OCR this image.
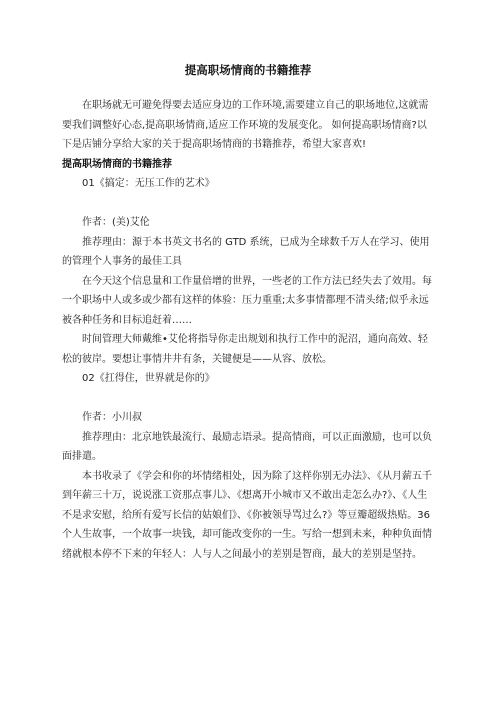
提高职场情商的书籍推荐

在职场就无可避免得要去适应身边的工作环境,需要建立自己的职场地位,这就需要我们调整好心态,提高职场情商,适应工作环境的发展变化。 如何提高职场情商?以下是店铺分享给大家的关于提高职场情商的书籍推荐，希望大家喜欢!

提高职场情商的书籍推荐

01《搞定：无压工作的艺术》

作者：(美)艾伦

推荐理由：源于本书英文书名的 GTD 系统，已成为全球数千万人在学习、使用的管理个人事务的最佳工具

在今天这个信息量和工作量倍增的世界，一些老的工作方法已经失去了效用。每一个职场中人或多或少都有这样的体验：压力重重;太多事情都理不清头绪;似乎永远被各种任务和目标追赶着……

时间管理大师戴维•艾伦将指导你走出规划和执行工作中的泥沼，通向高效、轻松的彼岸。要想让事情井井有条，关键便是——从容、放松。

02《扛得住，世界就是你的》

作者：小川叔

推荐理由：北京地铁最流行、最励志语录。提高情商，可以正面激励，也可以负面排遣。

本书收录了《学会和你的坏情绪相处，因为除了这样你别无办法》、《从月薪五千到年薪三十万，说说涨工资那点事儿》、《想离开小城市又不敢出走怎么办?》、《人生不是求安慰，给所有爱写长信的姑娘们》、《你被领导骂过么?》等豆瓣超级热贴。36 个人生故事，一个故事一块钱，却可能改变你的一生。写给一想到未来，种种负面情绪就根本停不下来的年轻人：人与人之间最小的差别是智商，最大的差别是坚持。
